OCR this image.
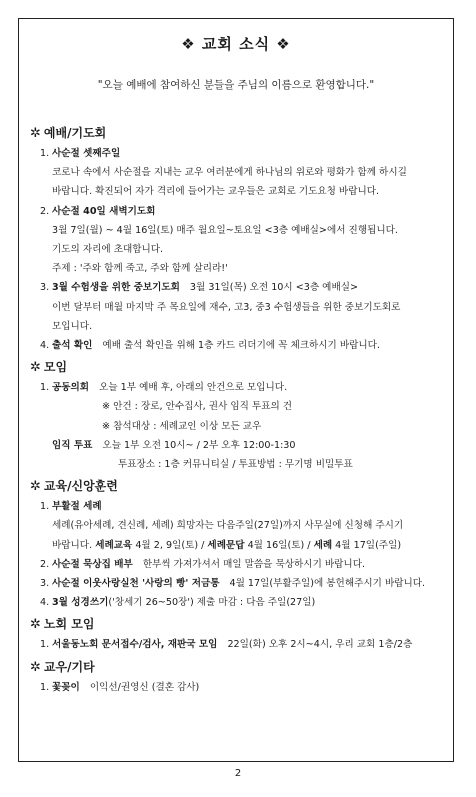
❖ 교회 소식 ❖
"오늘 예배에 참여하신 분들을 주님의 이름으로 환영합니다."
✲ 예배/기도회
1. 사순절 셋째주일
코로나 속에서 사순절을 지내는 교우 여러분에게 하나님의 위로와 평화가 함께 하시길
바랍니다. 확진되어 자가 격리에 들어가는 교우들은 교회로 기도요청 바랍니다.
2. 사순절 40일 새벽기도회
3월 7일(월) ~ 4월 16일(토) 매주 월요일~토요일 <3층 예배실>에서 진행됩니다.
기도의 자리에 초대합니다.
주제 : '주와 함께 죽고, 주와 함께 살리라!'
3. 3월 수험생을 위한 중보기도회 3월 31일(목) 오전 10시 <3층 예배실>
이번 달부터 매월 마지막 주 목요일에 재수, 고3, 중3 수험생들을 위한 중보기도회로
모입니다.
4. 출석 확인 예배 출석 확인을 위해 1층 카드 리더기에 꼭 체크하시기 바랍니다.
✲ 모임
1. 공동의회 오늘 1부 예배 후, 아래의 안건으로 모입니다.
※ 안건 : 장로, 안수집사, 권사 임직 투표의 건
※ 참석대상 : 세례교인 이상 모든 교우
임직 투표 오늘 1부 오전 10시~ / 2부 오후 12:00-1:30
투표장소 : 1층 커뮤니티실 / 투표방법 : 무기명 비밀투표
✲ 교육/신앙훈련
1. 부활절 세례
세례(유아세례, 견신례, 세례) 희망자는 다음주일(27일)까지 사무실에 신청해 주시기
바랍니다. 세례교육 4월 2, 9일(토) / 세례문답 4월 16일(토) / 세례 4월 17일(주일)
2. 사순절 묵상집 배부 한부씩 가져가셔서 매일 말씀을 묵상하시기 바랍니다.
3. 사순절 이웃사랑실천 '사랑의 빵' 저금통 4월 17일(부활주일)에 봉헌해주시기 바랍니다.
4. 3월 성경쓰기('창세기 26~50장') 제출 마감 : 다음 주일(27일)
✲ 노회 모임
1. 서울동노회 문서접수/검사, 재판국 모임 22일(화) 오후 2시~4시, 우리 교회 1층/2층
✲ 교우/기타
1. 꽃꽂이 이익선/권영신 (결혼 감사)
2
